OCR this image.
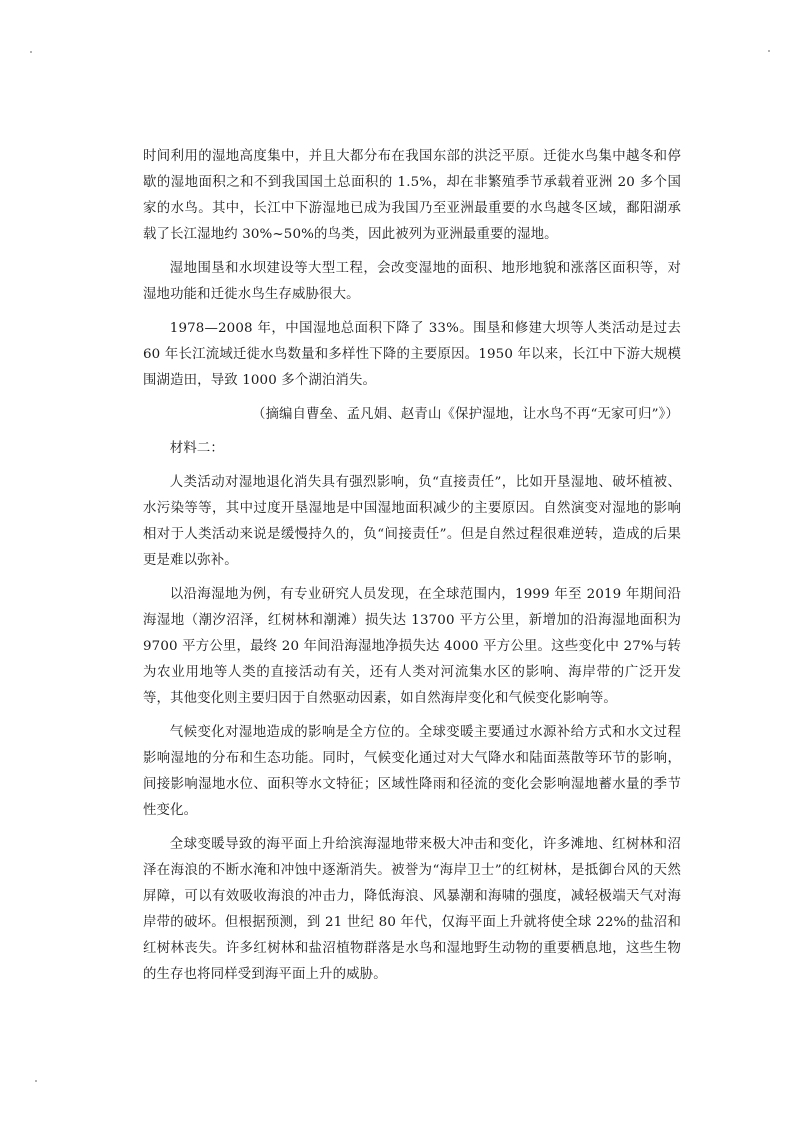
时间利用的湿地高度集中，并且大都分布在我国东部的洪泛平原。迁徙水鸟集中越冬和停歇的湿地面积之和不到我国国土总面积的 1.5%，却在非繁殖季节承载着亚洲 20 多个国家的水鸟。其中，长江中下游湿地已成为我国乃至亚洲最重要的水鸟越冬区域，鄱阳湖承载了长江湿地约 30%~50%的鸟类，因此被列为亚洲最重要的湿地。

湿地围垦和水坝建设等大型工程，会改变湿地的面积、地形地貌和涨落区面积等，对湿地功能和迁徙水鸟生存威胁很大。

1978—2008 年，中国湿地总面积下降了 33%。围垦和修建大坝等人类活动是过去 60 年长江流域迁徙水鸟数量和多样性下降的主要原因。1950 年以来，长江中下游大规模围湖造田，导致 1000 多个湖泊消失。

（摘编自曹垒、孟凡娟、赵青山《保护湿地，让水鸟不再“无家可归”》）

材料二：

人类活动对湿地退化消失具有强烈影响，负“直接责任”，比如开垦湿地、破坏植被、水污染等等，其中过度开垦湿地是中国湿地面积减少的主要原因。自然演变对湿地的影响相对于人类活动来说是缓慢持久的，负“间接责任”。但是自然过程很难逆转，造成的后果更是难以弥补。

以沿海湿地为例，有专业研究人员发现，在全球范围内，1999 年至 2019 年期间沿海湿地（潮汐沼泽，红树林和潮滩）损失达 13700 平方公里，新增加的沿海湿地面积为 9700 平方公里，最终 20 年间沿海湿地净损失达 4000 平方公里。这些变化中 27%与转为农业用地等人类的直接活动有关，还有人类对河流集水区的影响、海岸带的广泛开发等，其他变化则主要归因于自然驱动因素，如自然海岸变化和气候变化影响等。

气候变化对湿地造成的影响是全方位的。全球变暖主要通过水源补给方式和水文过程影响湿地的分布和生态功能。同时，气候变化通过对大气降水和陆面蒸散等环节的影响，间接影响湿地水位、面积等水文特征；区域性降雨和径流的变化会影响湿地蓄水量的季节性变化。

全球变暖导致的海平面上升给滨海湿地带来极大冲击和变化，许多滩地、红树林和沼泽在海浪的不断水淹和冲蚀中逐渐消失。被誉为“海岸卫士”的红树林，是抵御台风的天然屏障，可以有效吸收海浪的冲击力，降低海浪、风暴潮和海啸的强度，减轻极端天气对海岸带的破坏。但根据预测，到 21 世纪 80 年代，仅海平面上升就将使全球 22%的盐沼和红树林丧失。许多红树林和盐沼植物群落是水鸟和湿地野生动物的重要栖息地，这些生物的生存也将同样受到海平面上升的威胁。
